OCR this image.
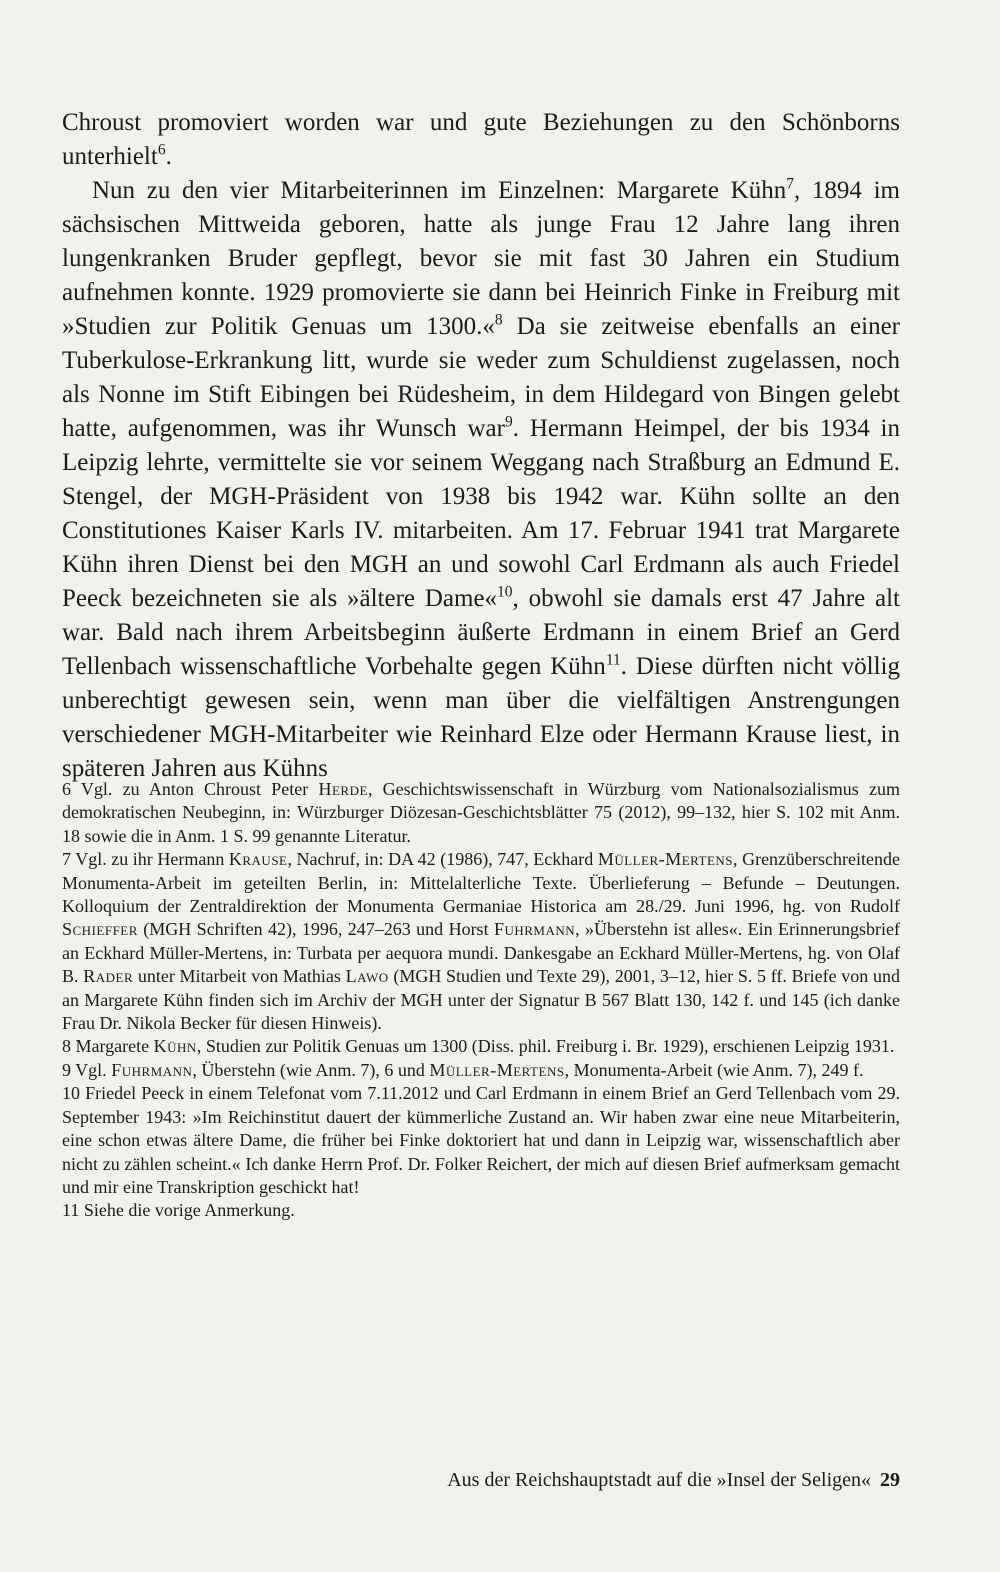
Chroust promoviert worden war und gute Beziehungen zu den Schönborns unterhielt$^6$.

Nun zu den vier Mitarbeiterinnen im Einzelnen: Margarete Kühn$^7$, 1894 im sächsischen Mittweida geboren, hatte als junge Frau 12 Jahre lang ihren lungenkranken Bruder gepflegt, bevor sie mit fast 30 Jahren ein Studium aufnehmen konnte. 1929 promovierte sie dann bei Heinrich Finke in Freiburg mit »Studien zur Politik Genuas um 1300.«$^8$ Da sie zeitweise ebenfalls an einer Tuberkulose-Erkrankung litt, wurde sie weder zum Schuldienst zugelassen, noch als Nonne im Stift Eibingen bei Rüdesheim, in dem Hildegard von Bingen gelebt hatte, aufgenommen, was ihr Wunsch war$^9$. Hermann Heimpel, der bis 1934 in Leipzig lehrte, vermittelte sie vor seinem Weggang nach Straßburg an Edmund E. Stengel, der MGH-Präsident von 1938 bis 1942 war. Kühn sollte an den Constitutiones Kaiser Karls IV. mitarbeiten. Am 17. Februar 1941 trat Margarete Kühn ihren Dienst bei den MGH an und sowohl Carl Erdmann als auch Friedel Peeck bezeichneten sie als »ältere Dame«$^{10}$, obwohl sie damals erst 47 Jahre alt war. Bald nach ihrem Arbeitsbeginn äußerte Erdmann in einem Brief an Gerd Tellenbach wissenschaftliche Vorbehalte gegen Kühn$^{11}$. Diese dürften nicht völlig unberechtigt gewesen sein, wenn man über die vielfältigen Anstrengungen verschiedener MGH-Mitarbeiter wie Reinhard Elze oder Hermann Krause liest, in späteren Jahren aus Kühns

6 Vgl. zu Anton Chroust Peter Herde, Geschichtswissenschaft in Würzburg vom Nationalsozialismus zum demokratischen Neubeginn, in: Würzburger Diözesan-Geschichtsblätter 75 (2012), 99–132, hier S. 102 mit Anm. 18 sowie die in Anm. 1 S. 99 genannte Literatur.

7 Vgl. zu ihr Hermann Krause, Nachruf, in: DA 42 (1986), 747, Eckhard Müller-Mertens, Grenzüberschreitende Monumenta-Arbeit im geteilten Berlin, in: Mittelalterliche Texte. Überlieferung – Befunde – Deutungen. Kolloquium der Zentraldirektion der Monumenta Germaniae Historica am 28./29. Juni 1996, hg. von Rudolf Schieffer (MGH Schriften 42), 1996, 247–263 und Horst Fuhrmann, »Überstehn ist alles«. Ein Erinnerungsbrief an Eckhard Müller-Mertens, in: Turbata per aequora mundi. Dankesgabe an Eckhard Müller-Mertens, hg. von Olaf B. Rader unter Mitarbeit von Mathias Lawo (MGH Studien und Texte 29), 2001, 3–12, hier S. 5 ff. Briefe von und an Margarete Kühn finden sich im Archiv der MGH unter der Signatur B 567 Blatt 130, 142 f. und 145 (ich danke Frau Dr. Nikola Becker für diesen Hinweis).

8 Margarete Kühn, Studien zur Politik Genuas um 1300 (Diss. phil. Freiburg i. Br. 1929), erschienen Leipzig 1931.

9 Vgl. Fuhrmann, Überstehn (wie Anm. 7), 6 und Müller-Mertens, Monumenta-Arbeit (wie Anm. 7), 249 f.

10 Friedel Peeck in einem Telefonat vom 7.11.2012 und Carl Erdmann in einem Brief an Gerd Tellenbach vom 29. September 1943: »Im Reichinstitut dauert der kümmerliche Zustand an. Wir haben zwar eine neue Mitarbeiterin, eine schon etwas ältere Dame, die früher bei Finke doktoriert hat und dann in Leipzig war, wissenschaftlich aber nicht zu zählen scheint.« Ich danke Herrn Prof. Dr. Folker Reichert, der mich auf diesen Brief aufmerksam gemacht und mir eine Transkription geschickt hat!

11 Siehe die vorige Anmerkung.

Aus der Reichshauptstadt auf die »Insel der Seligen« 29
